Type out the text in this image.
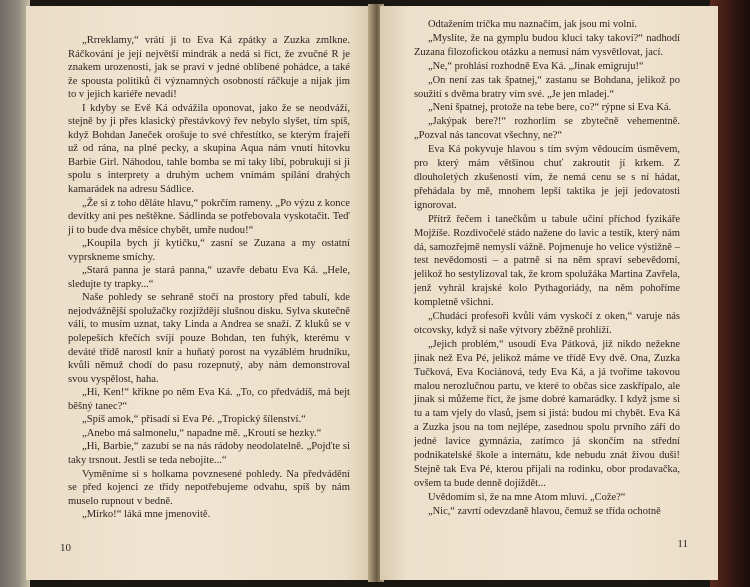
„Rrreklamy,“ vrátí jí to Eva Ká zpátky a Zuzka zmlkne. Ráčkování je její největší mindrák a nedá si říct, že zvučné R je znakem urozenosti, jak se praví v jedné oblíbené pohádce, a také že spousta politiků či významných osobností ráčkuje a nijak jim to v jejich kariéře nevadí!

I kdyby se Evě Ká odvážila oponovat, jako že se neodváží, stejně by ji přes klasický přestávkový řev nebylo slyšet, tím spíš, když Bohdan Janeček orošuje to své chřestítko, se kterým frajeří už od rána, na plné pecky, a skupina Aqua nám vnutí hitovku Barbie Girl. Náhodou, tahle bomba se mi taky líbí, pobrukuji si ji spolu s interprety a druhým uchem vnímám spílání drahých kamarádek na adresu Sádlice.

„Že si z toho děláte hlavu,“ pokrčím rameny. „Po výzu z konce devítky ani pes neštěkne. Sádlinda se potřebovala vyskotačit. Teď jí to bude dva měsíce chybět, umře nudou!“

„Koupila bych jí kytičku,“ zasní se Zuzana a my ostatní vyprskneme smíchy.

„Stará panna je stará panna,“ uzavře debatu Eva Ká. „Hele, sledujte ty trapky...“

Naše pohledy se sehraně stočí na prostory před tabulí, kde nejodvážnější spolužačky rozjíždějí slušnou disku. Sylva skutečně válí, to musím uznat, taky Linda a Andrea se snaží. Z kluků se v polepeších křečích svíjí pouze Bohdan, ten fuhýk, kterému v deváté třídě narostl knír a huňatý porost na vyzáblém hrudníku, kvůli němuž chodí do pasu rozepnutý, aby nám demonstroval svou vyspělost, haha.

„Hi, Ken!“ křikne po něm Eva Ká. „To, co předvádíš, má bejt běšný tanec?“

„Spíš amok,“ přisadí si Eva Pé. „Tropický šílenství.“

„Anebo má salmonelu,“ napadne mě. „Kroutí se hezky.“

„Hi, Barbie,“ zazubí se na nás rádoby neodolatelně. „Pojďte si taky trsnout. Jestli se teda nebojíte...“

Vyměníme si s holkama povznesené pohledy. Na předvádění se před kojenci ze třídy nepotřebujeme odvahu, spíš by nám muselo rupnout v bedně.

„Mirko!“ láká mne jmenovitě.

10

Odtažením trička mu naznačím, jak jsou mi volní.

„Myslíte, že na gymplu budou kluci taky takoví?“ nadhodí Zuzana filozofickou otázku a nemusí nám vysvětlovat, jací.

„Ne,“ prohlásí rozhodně Eva Ká. „Jinak emigruju!“

„On není zas tak špatnej,“ zastanu se Bohdana, jelikož po soužití s dvěma bratry vím své. „Je jen mladej.“

„Není špatnej, protože na tebe bere, co?“ rýpne si Eva Ká.

„Jakýpak bere?!“ rozhorlím se zbytečně vehementně. „Pozval nás tancovat všechny, ne?“

Eva Ká pokyvuje hlavou s tím svým vědoucím úsměvem, pro který mám většinou chuť zakroutit jí krkem. Z dlouholetých zkušeností vím, že nemá cenu se s ní hádat, přehádala by mě, mnohem lepší taktika je její jedovatosti ignorovat.

Přítrž řečem i tanečkům u tabule učiní příchod fyzikáře Mojžíše. Rozdivočelé stádo nažene do lavic a testík, který nám dá, samozřejmě nemyslí vážně. Pojmenuje ho velice výstižně – test nevědomosti – a patrně si na něm spraví sebevědomí, jelikož ho sestylizoval tak, že krom spolužáka Martina Zavřela, jenž vyhrál krajské kolo Pythagoriády, na něm pohoříme kompletně všichni.

„Chudáci profesoři kvůli vám vyskočí z oken,“ varuje nás otcovsky, když si naše výtvory zběžně prohlíží.

„Jejich problém,“ usoudí Eva Pátková, již nikdo nežekne jinak než Eva Pé, jelikož máme ve třídě Evy dvě. Ona, Zuzka Tučková, Eva Kociánová, tedy Eva Ká, a já tvoříme takovou malou nerozlučnou partu, ve které to občas sice zaskřípalo, ale jinak si můžeme říct, že jsme dobré kamarádky. I když jsme si tu a tam vjely do vlasů, jsem si jistá: budou mi chybět. Eva Ká a Zuzka jsou na tom nejlépe, zasednou spolu prvního září do jedné lavice gymnázia, zatímco já skončím na střední podnikatelské škole a internátu, kde nebudu znát živou duši! Stejně tak Eva Pé, kterou přijali na rodinku, obor prodavačka, ovšem ta bude denně dojíždět...

Uvědomím si, že na mne Atom mluví. „Cože?“

„Nic,“ zavrtí odevzdaně hlavou, čemuž se třída ochotně

11
